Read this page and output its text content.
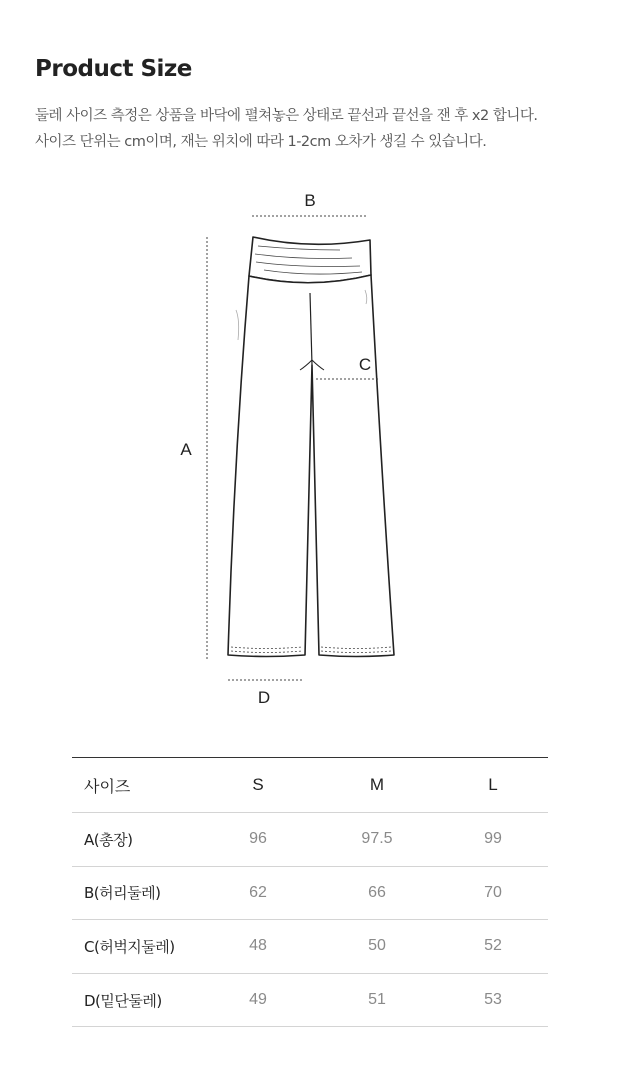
Product Size
둘레 사이즈 측정은 상품을 바닥에 펼쳐놓은 상태로 끝선과 끝선을 잰 후 x2 합니다.
사이즈 단위는 cm이며, 재는 위치에 따라 1-2cm 오차가 생길 수 있습니다.
B
A
C
D
사이즈	S	M	L
A(총장)	96	97.5	99
B(허리둘레)	62	66	70
C(허벅지둘레)	48	50	52
D(밑단둘레)	49	51	53
